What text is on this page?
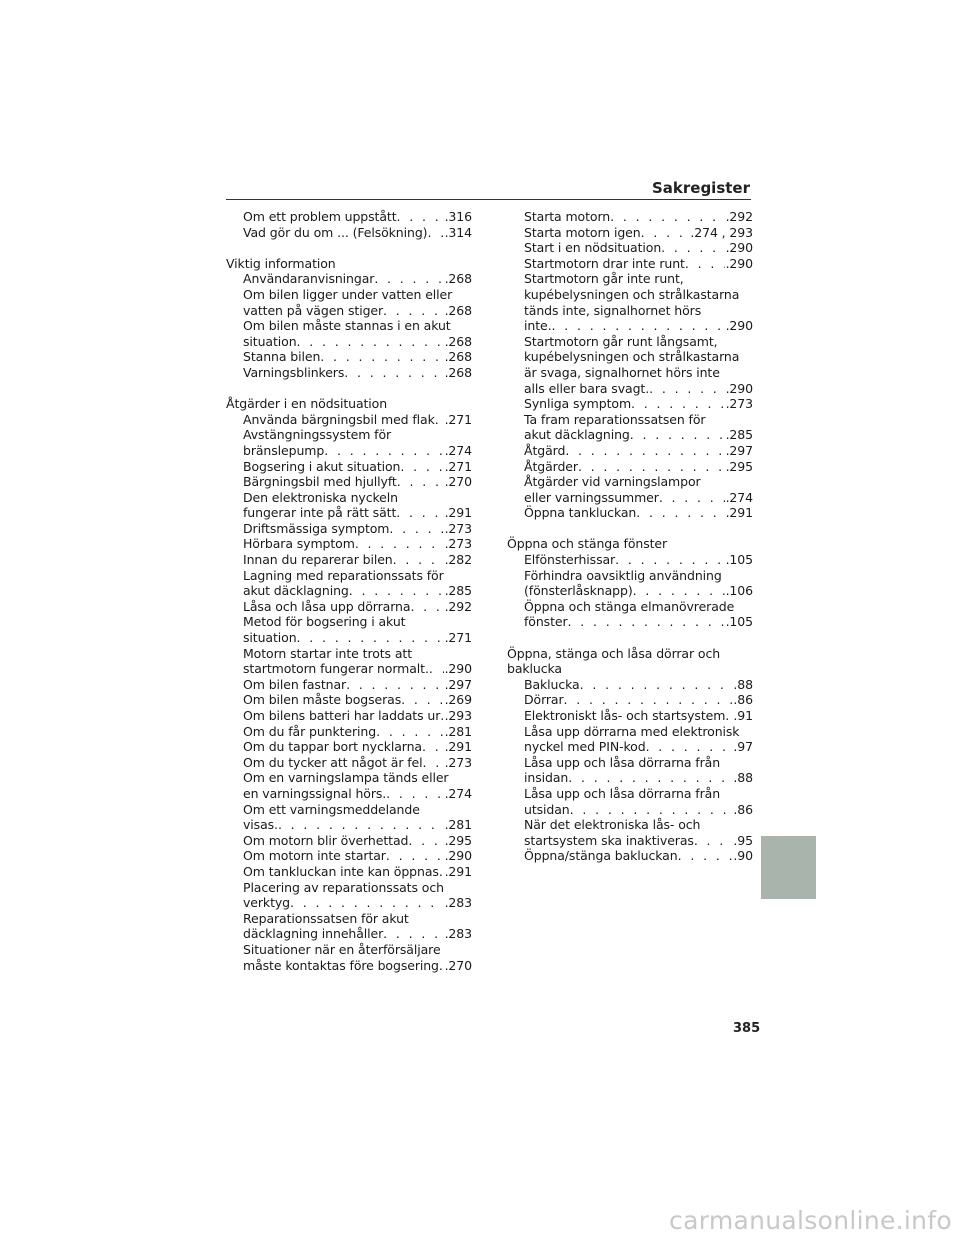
Sakregister
Om ett problem uppstått . . .	.316
Vad gör du om ... (Felsökning) . . . .314
Viktig information
Användaranvisningar . . .	.268
Om bilen ligger under vatten eller
vatten på vägen stiger . . .	.268
Om bilen måste stannas i en akut
situation . . .	.268
Stanna bilen . . .	.268
Varningsblinkers . . .	.268
Åtgärder i en nödsituation
Använda bärgningsbil med flak . . . .271
Avstängningssystem för
bränslepump . . .	.274
Bogsering i akut situation . . .	.271
Bärgningsbil med hjullyft . . .	.270
Den elektroniska nyckeln
fungerar inte på rätt sätt . . .	.291
Driftsmässiga symptom . . .	.273
Hörbara symptom . . .	.273
Innan du reparerar bilen . . .	.282
Lagning med reparationssats för
akut däcklagning . . .	.285
Låsa och låsa upp dörrarna . . .	.292
Metod för bogsering i akut
situation . . .	.271
Motorn startar inte trots att
startmotorn fungerar normalt. . . . .290
Om bilen fastnar . . .	.297
Om bilen måste bogseras . . .	.269
Om bilens batteri har laddats ur . . . .293
Om du får punktering . . .	.281
Om du tappar bort nycklarna . . . .291
Om du tycker att något är fel . . . .273
Om en varningslampa tänds eller
en varningssignal hörs. . . .	.274
Om ett varningsmeddelande
visas. . . .	.281
Om motorn blir överhettad . . .	.295
Om motorn inte startar . . .	.290
Om tankluckan inte kan öppnas . . . .291
Placering av reparationssats och
verktyg . . .	.283
Reparationssatsen för akut
däcklagning innehåller . . .	.283
Situationer när en återförsäljare
måste kontaktas före bogsering . . . .270
Starta motorn . . .	.292
Starta motorn igen . . .	.274 , 293
Start i en nödsituation . . .	.290
Startmotorn drar inte runt . . .	.290
Startmotorn går inte runt,
kupébelysningen och strålkastarna
tänds inte, signalhornet hörs
inte. . . .	.290
Startmotorn går runt långsamt,
kupébelysningen och strålkastarna
är svaga, signalhornet hörs inte
alls eller bara svagt. . . .	.290
Synliga symptom . . .	.273
Ta fram reparationssatsen för
akut däcklagning . . .	.285
Åtgärd . . .	.297
Åtgärder . . .	.295
Åtgärder vid varningslampor
eller varningssummer . . .	.274
Öppna tankluckan . . .	.291
Öppna och stänga fönster
Elfönsterhissar . . .	.105
Förhindra oavsiktlig användning
(fönsterlåsknapp) . . .	.106
Öppna och stänga elmanövrerade
fönster . . .	.105
Öppna, stänga och låsa dörrar och
baklucka
Baklucka . . .	.88
Dörrar . . .	.86
Elektroniskt lås- och startsystem . . . .91
Låsa upp dörrarna med elektronisk
nyckel med PIN-kod . . .	.97
Låsa upp och låsa dörrarna från
insidan . . .	.88
Låsa upp och låsa dörrarna från
utsidan . . .	.86
När det elektroniska lås- och
startsystem ska inaktiveras . . .	.95
Öppna/stänga bakluckan . . .	.90
385
carmanualsonline.info
